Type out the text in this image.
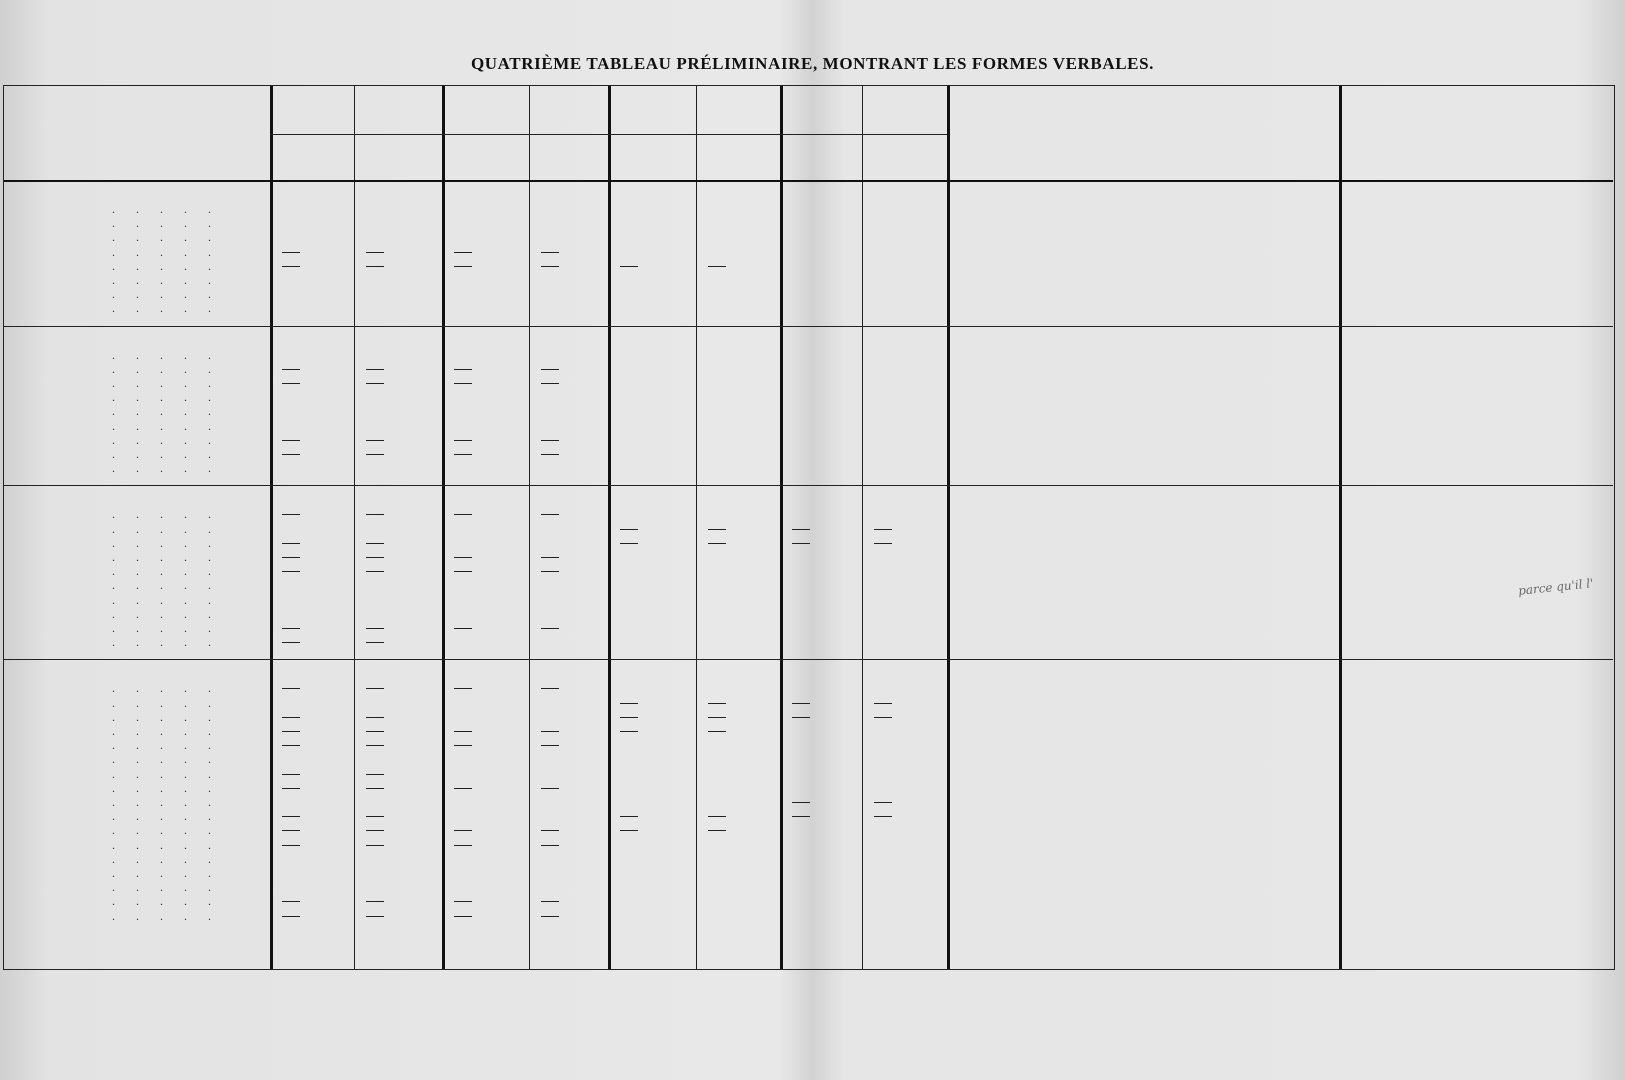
QUATRIÈME TABLEAU PRÉLIMINAIRE, MONTRANT LES FORMES VERBALES.
.       .       .       .       .
.       .       .       .       .
.       .       .       .       .
.       .       .       .       .
.       .       .       .       .
.       .       .       .       .
.       .       .       .       .
.       .       .       .       .
.       .       .       .       .
.       .       .       .       .
.       .       .       .       .
.       .       .       .       .
.       .       .       .       .
.       .       .       .       .
.       .       .       .       .
.       .       .       .       .
.       .       .       .       .
.       .       .       .       .
.       .       .       .       .
.       .       .       .       .
.       .       .       .       .
.       .       .       .       .
.       .       .       .       .
.       .       .       .       .
.       .       .       .       .
.       .       .       .       .
.       .       .       .       .
.       .       .       .       .
.       .       .       .       .
.       .       .       .       .
.       .       .       .       .
.       .       .       .       .
.       .       .       .       .
.       .       .       .       .
.       .       .       .       .
.       .       .       .       .
.       .       .       .       .
.       .       .       .       .
.       .       .       .       .
.       .       .       .       .
.       .       .       .       .
.       .       .       .       .
.       .       .       .       .
.       .       .       .       .
parce qu'il l'
